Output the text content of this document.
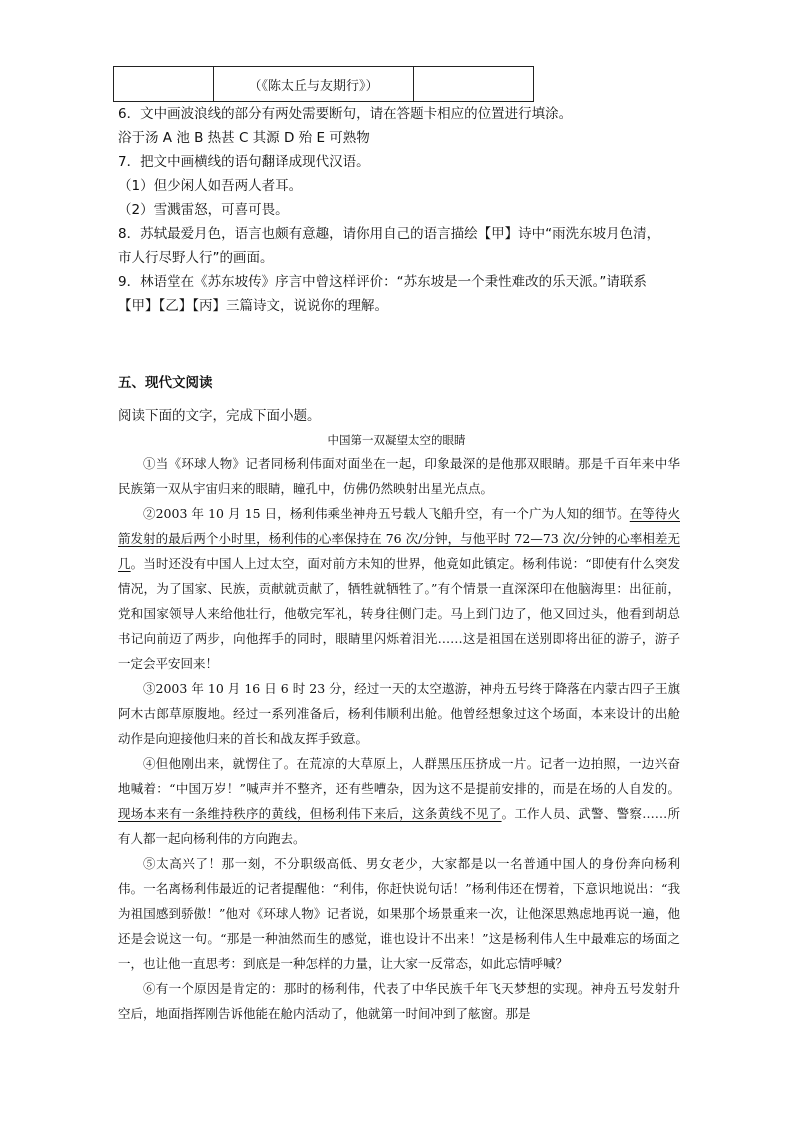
	（《陈太丘与友期行》）	
6．文中画波浪线的部分有两处需要断句，请在答题卡相应的位置进行填涂。
浴于汤 A 池 B 热甚 C 其源 D 殆 E 可熟物
7．把文中画横线的语句翻译成现代汉语。
（1）但少闲人如吾两人者耳。
（2）雪溅雷怒，可喜可畏。
8．苏轼最爱月色，语言也颇有意趣，请你用自己的语言描绘【甲】诗中“雨洗东坡月色清，
市人行尽野人行”的画面。
9．林语堂在《苏东坡传》序言中曾这样评价：“苏东坡是一个秉性难改的乐天派。”请联系
【甲】【乙】【丙】三篇诗文，说说你的理解。
五、现代文阅读
阅读下面的文字，完成下面小题。
中国第一双凝望太空的眼睛

①当《环球人物》记者同杨利伟面对面坐在一起，印象最深的是他那双眼睛。那是千百年来中华民族第一双从宇宙归来的眼睛，瞳孔中，仿佛仍然映射出星光点点。

②2003 年 10 月 15 日，杨利伟乘坐神舟五号载人飞船升空，有一个广为人知的细节。在等待火箭发射的最后两个小时里，杨利伟的心率保持在 76 次/分钟，与他平时 72—73 次/分钟的心率相差无几。当时还没有中国人上过太空，面对前方未知的世界，他竟如此镇定。杨利伟说：“即使有什么突发情况，为了国家、民族，贡献就贡献了，牺牲就牺牲了。”有个情景一直深深印在他脑海里：出征前，党和国家领导人来给他壮行，他敬完军礼，转身往侧门走。马上到门边了，他又回过头，他看到胡总书记向前迈了两步，向他挥手的同时，眼睛里闪烁着泪光……这是祖国在送别即将出征的游子，游子一定会平安回来！

③2003 年 10 月 16 日 6 时 23 分，经过一天的太空遨游，神舟五号终于降落在内蒙古四子王旗阿木古郎草原腹地。经过一系列准备后，杨利伟顺利出舱。他曾经想象过这个场面，本来设计的出舱动作是向迎接他归来的首长和战友挥手致意。

④但他刚出来，就愣住了。在荒凉的大草原上，人群黑压压挤成一片。记者一边拍照，一边兴奋地喊着：“中国万岁！”喊声并不整齐，还有些嘈杂，因为这不是提前安排的，而是在场的人自发的。现场本来有一条维持秩序的黄线，但杨利伟下来后，这条黄线不见了。工作人员、武警、警察……所有人都一起向杨利伟的方向跑去。

⑤太高兴了！那一刻，不分职级高低、男女老少，大家都是以一名普通中国人的身份奔向杨利伟。一名离杨利伟最近的记者提醒他：“利伟，你赶快说句话！”杨利伟还在愣着，下意识地说出：“我为祖国感到骄傲！”他对《环球人物》记者说，如果那个场景重来一次，让他深思熟虑地再说一遍，他还是会说这一句。“那是一种油然而生的感觉，谁也设计不出来！”这是杨利伟人生中最难忘的场面之一，也让他一直思考：到底是一种怎样的力量，让大家一反常态，如此忘情呼喊？

⑥有一个原因是肯定的：那时的杨利伟，代表了中华民族千年飞天梦想的实现。神舟五号发射升空后，地面指挥刚告诉他能在舱内活动了，他就第一时间冲到了舷窗。那是
